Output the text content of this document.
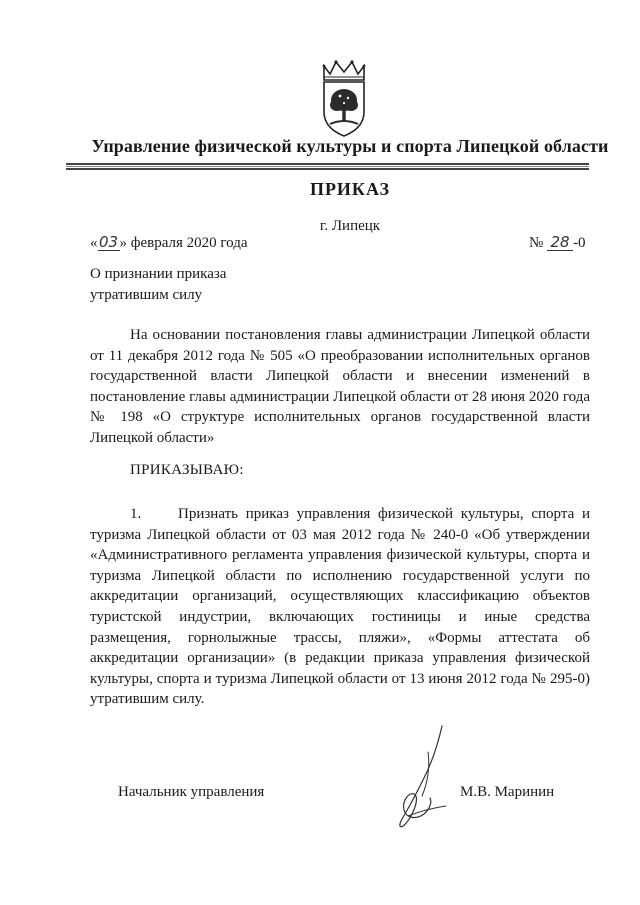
Управление физической культуры и спорта Липецкой области
ПРИКАЗ
г. Липецк
«03» февраля 2020 года	№ 28 -0
О признании приказа
утратившим силу
На основании постановления главы администрации Липецкой области от 11 декабря 2012 года № 505 «О преобразовании исполнительных органов государственной власти Липецкой области и внесении изменений в постановление главы администрации Липецкой области от 28 июня 2020 года № 198 «О структуре исполнительных органов государственной власти Липецкой области»
ПРИКАЗЫВАЮ:
1. Признать приказ управления физической культуры, спорта и туризма Липецкой области от 03 мая 2012 года № 240-0 «Об утверждении «Административного регламента управления физической культуры, спорта и туризма Липецкой области по исполнению государственной услуги по аккредитации организаций, осуществляющих классификацию объектов туристской индустрии, включающих гостиницы и иные средства размещения, горнолыжные трассы, пляжи», «Формы аттестата об аккредитации организации» (в редакции приказа управления физической культуры, спорта и туризма Липецкой области от 13 июня 2012 года № 295-0) утратившим силу.
Начальник управления	М.В. Маринин
